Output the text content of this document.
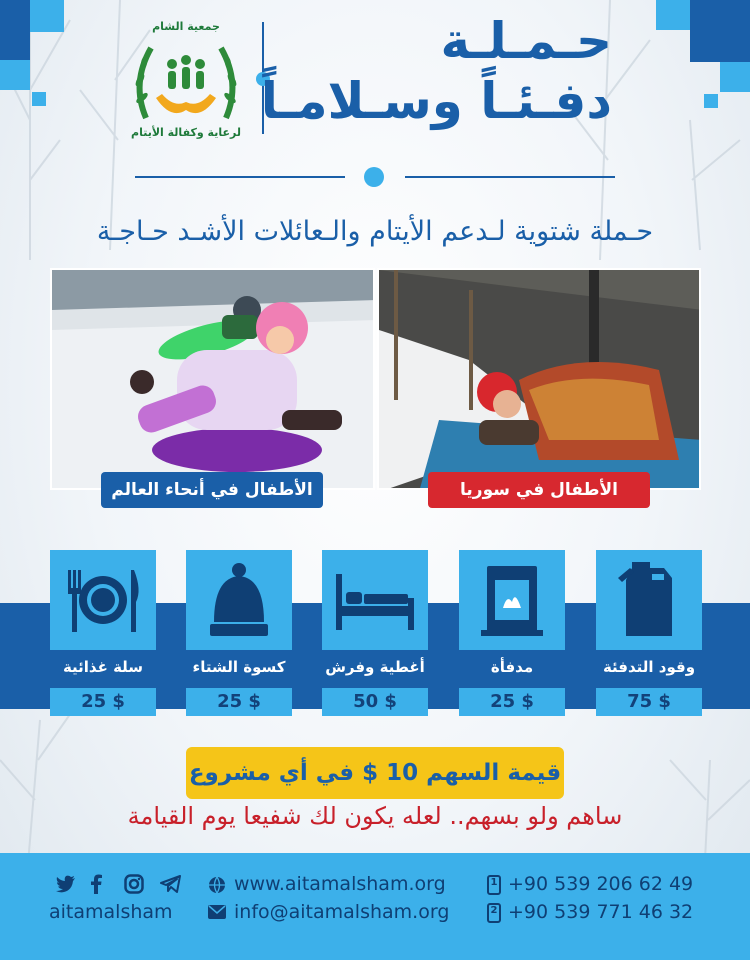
جمعية الشام
لرعاية وكفالة الأيتام
حـمـلـة
دفـئـاً وسـلامـاً
حـملة شتوية لـدعم الأيتام والـعائلات الأشـد حـاجـة
الأطفال في أنحاء العالم	الأطفال في سوريا
وقود التدفئة
75 $
مدفأة
25 $
أغطية وفرش
50 $
كسوة الشتاء
25 $
سلة غذائية
25 $
قيمة السهم 10 $ في أي مشروع
ساهم ولو بسهم.. لعله يكون لك شفيعا يوم القيامة
aitamalsham
www.aitamalsham.org
info@aitamalsham.org
1 +90 539 206 62 49
2 +90 539 771 46 32
